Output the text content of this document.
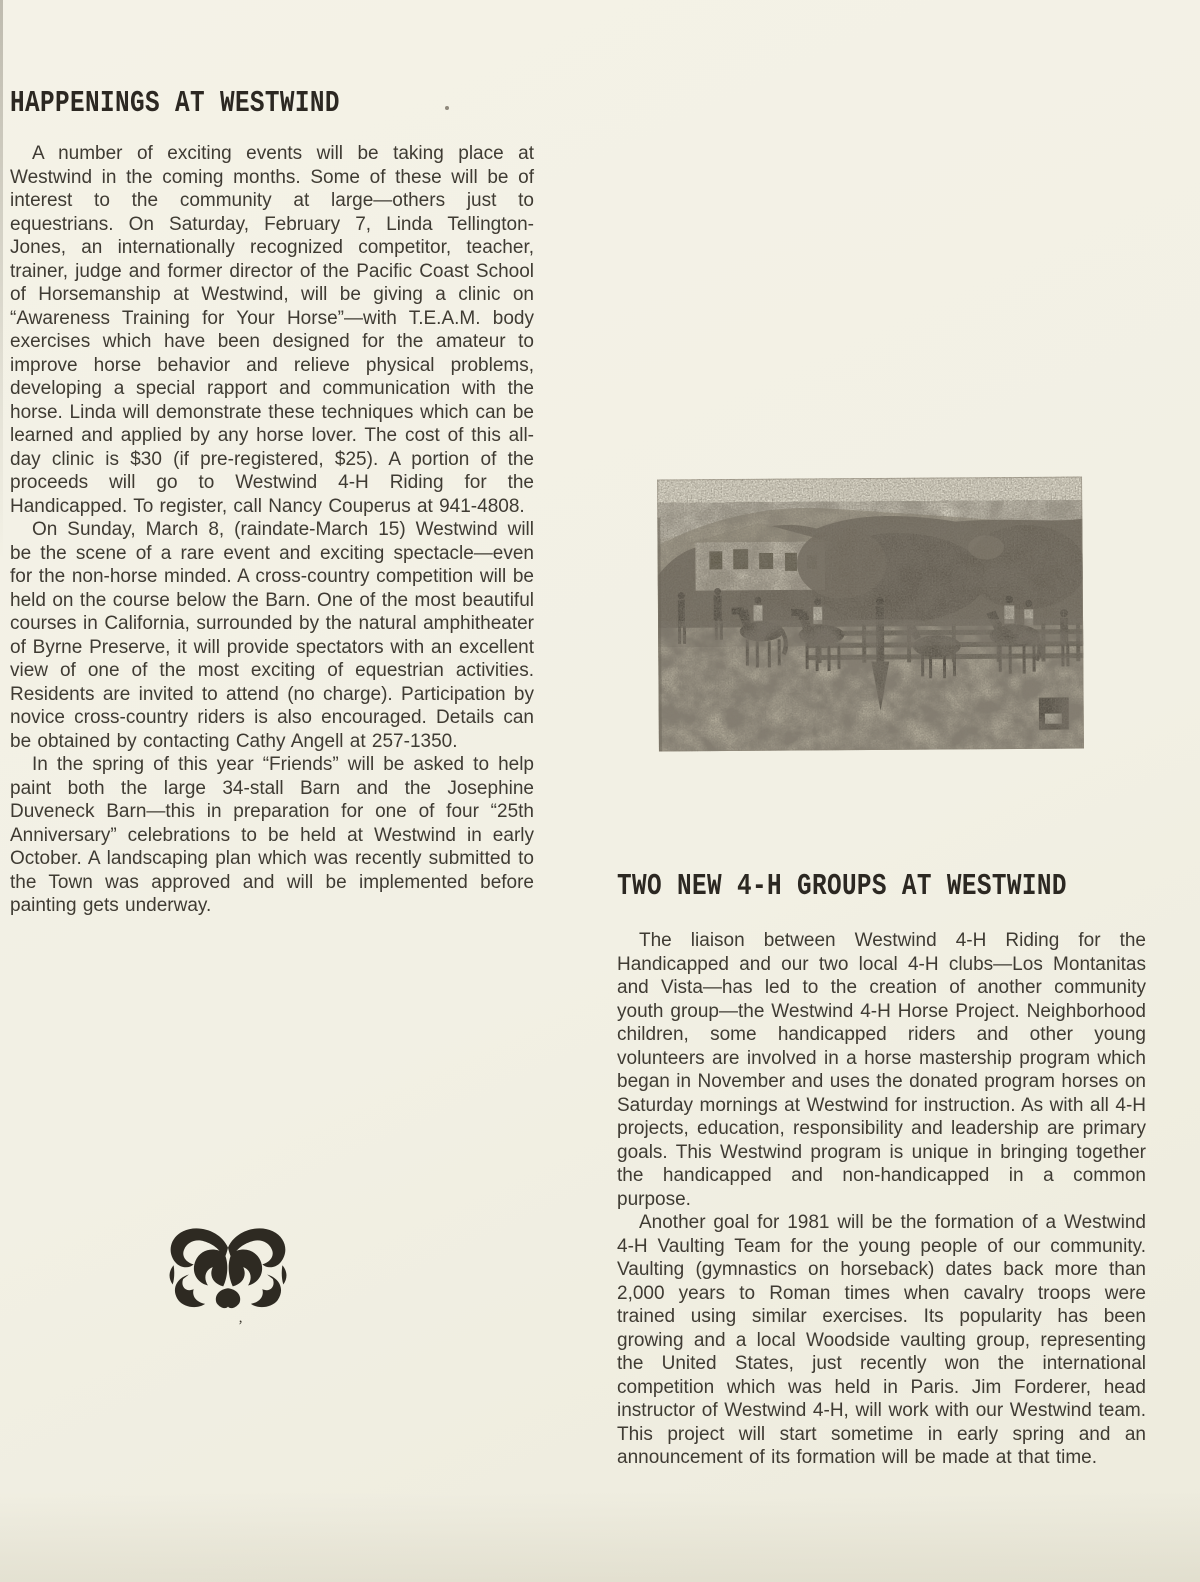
HAPPENINGS AT WESTWIND

A number of exciting events will be taking place at Westwind in the coming months. Some of these will be of interest to the community at large—others just to equestrians. On Saturday, February 7, Linda Tellington-Jones, an internationally recognized competitor, teacher, trainer, judge and former director of the Pacific Coast School of Horsemanship at Westwind, will be giving a clinic on “Awareness Training for Your Horse”—with T.E.A.M. body exercises which have been designed for the amateur to improve horse behavior and relieve physical problems, developing a special rapport and communication with the horse. Linda will demonstrate these techniques which can be learned and applied by any horse lover. The cost of this all-day clinic is $30 (if pre-registered, $25). A portion of the proceeds will go to Westwind 4-H Riding for the Handicapped. To register, call Nancy Couperus at 941-4808.

On Sunday, March 8, (raindate-March 15) Westwind will be the scene of a rare event and exciting spectacle—even for the non-horse minded. A cross-country competition will be held on the course below the Barn. One of the most beautiful courses in California, surrounded by the natural amphitheater of Byrne Preserve, it will provide spectators with an excellent view of one of the most exciting of equestrian activities. Residents are invited to attend (no charge). Participation by novice cross-country riders is also encouraged. Details can be obtained by contacting Cathy Angell at 257-1350.

In the spring of this year “Friends” will be asked to help paint both the large 34-stall Barn and the Josephine Duveneck Barn—this in preparation for one of four “25th Anniversary” celebrations to be held at Westwind in early October. A landscaping plan which was recently submitted to the Town was approved and will be implemented before painting gets underway.

’
TWO NEW 4-H GROUPS AT WESTWIND

The liaison between Westwind 4-H Riding for the Handicapped and our two local 4-H clubs—Los Montanitas and Vista—has led to the creation of another community youth group—the Westwind 4-H Horse Project. Neighborhood children, some handicapped riders and other young volunteers are involved in a horse mastership program which began in November and uses the donated program horses on Saturday mornings at Westwind for instruction. As with all 4-H projects, education, responsibility and leadership are primary goals. This Westwind program is unique in bringing together the handicapped and non-handicapped in a common purpose.

Another goal for 1981 will be the formation of a Westwind 4-H Vaulting Team for the young people of our community. Vaulting (gymnastics on horseback) dates back more than 2,000 years to Roman times when cavalry troops were trained using similar exercises. Its popularity has been growing and a local Woodside vaulting group, representing the United States, just recently won the international competition which was held in Paris. Jim Forderer, head instructor of Westwind 4-H, will work with our Westwind team. This project will start sometime in early spring and an announcement of its formation will be made at that time.
